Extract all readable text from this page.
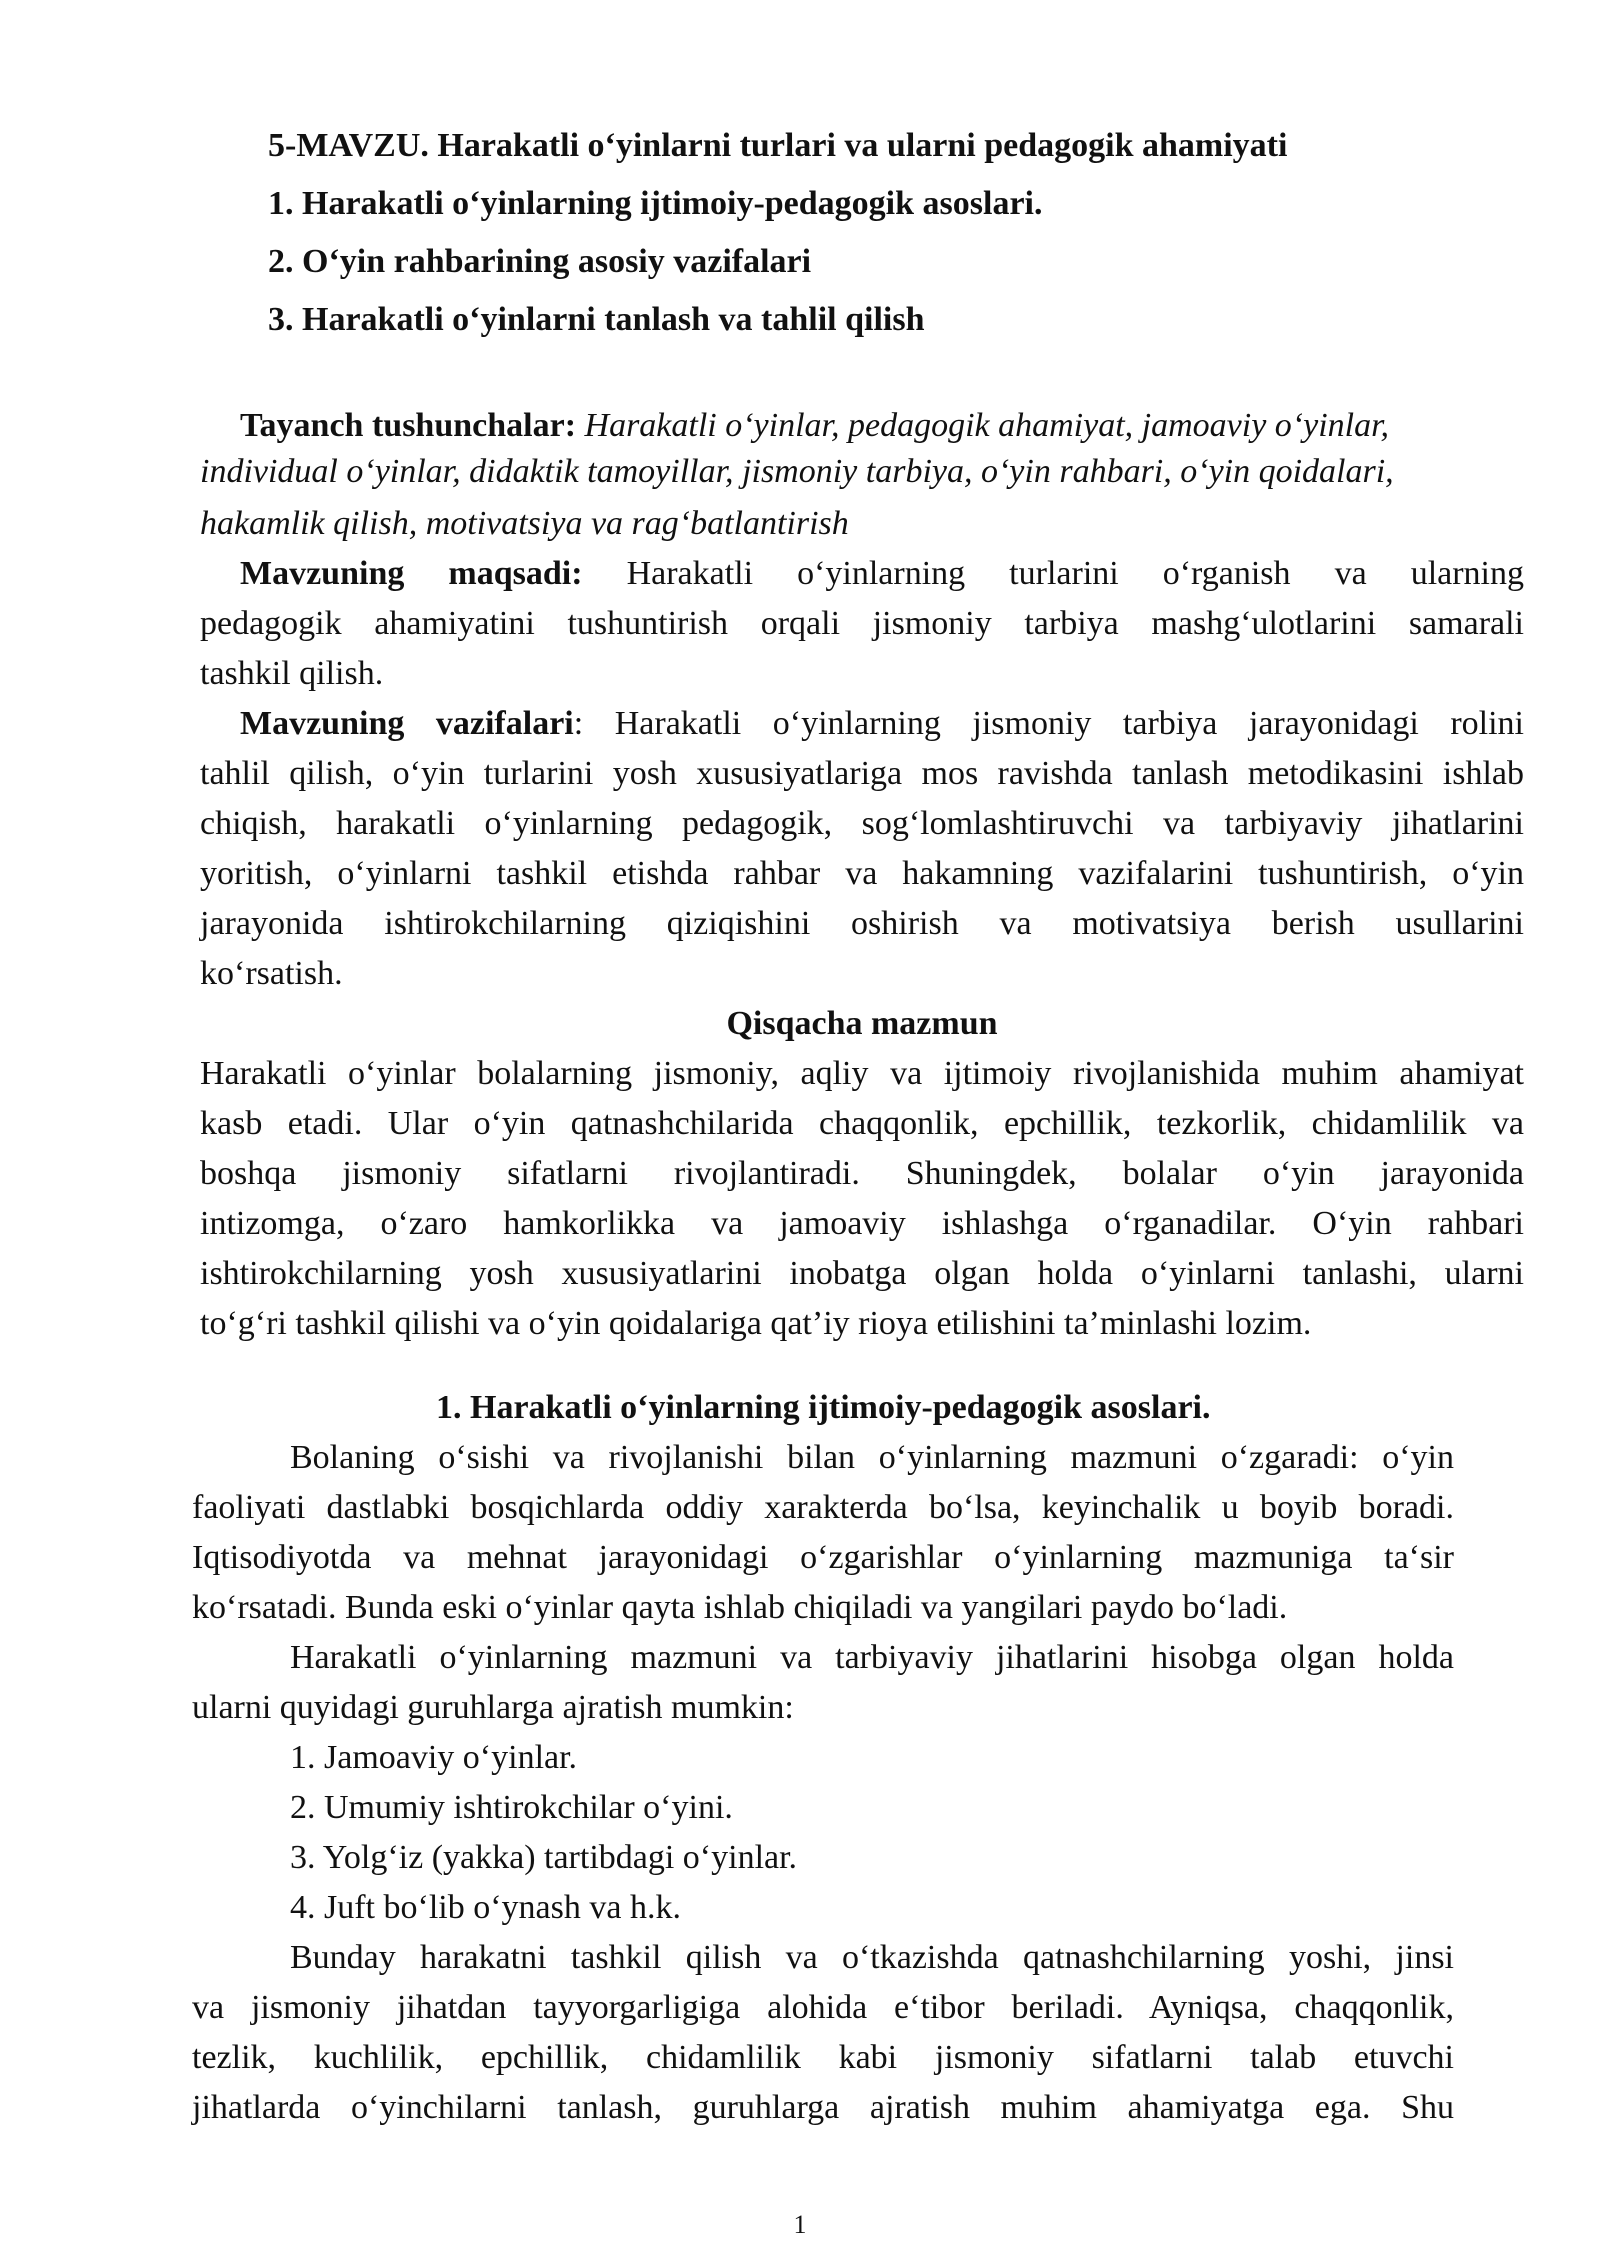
5-MAVZU. Harakatli o‘yinlarni turlari va ularni pedagogik ahamiyati
1. Harakatli o‘yinlarning ijtimoiy-pedagogik asoslari.
2. O‘yin rahbarining asosiy vazifalari
3. Harakatli o‘yinlarni tanlash va tahlil qilish
Tayanch tushunchalar: Harakatli o‘yinlar, pedagogik ahamiyat, jamoaviy o‘yinlar,
individual o‘yinlar, didaktik tamoyillar, jismoniy tarbiya, o‘yin rahbari, o‘yin qoidalari,
hakamlik qilish, motivatsiya va rag‘batlantirish
Mavzuning maqsadi: Harakatli o‘yinlarning turlarini o‘rganish va ularning
pedagogik ahamiyatini tushuntirish orqali jismoniy tarbiya mashg‘ulotlarini samarali
tashkil qilish.
Mavzuning vazifalari: Harakatli o‘yinlarning jismoniy tarbiya jarayonidagi rolini
tahlil qilish, o‘yin turlarini yosh xususiyatlariga mos ravishda tanlash metodikasini ishlab
chiqish, harakatli o‘yinlarning pedagogik, sog‘lomlashtiruvchi va tarbiyaviy jihatlarini
yoritish, o‘yinlarni tashkil etishda rahbar va hakamning vazifalarini tushuntirish, o‘yin
jarayonida ishtirokchilarning qiziqishini oshirish va motivatsiya berish usullarini
ko‘rsatish.
Qisqacha mazmun
Harakatli o‘yinlar bolalarning jismoniy, aqliy va ijtimoiy rivojlanishida muhim ahamiyat
kasb etadi. Ular o‘yin qatnashchilarida chaqqonlik, epchillik, tezkorlik, chidamlilik va
boshqa jismoniy sifatlarni rivojlantiradi. Shuningdek, bolalar o‘yin jarayonida
intizomga, o‘zaro hamkorlikka va jamoaviy ishlashga o‘rganadilar. O‘yin rahbari
ishtirokchilarning yosh xususiyatlarini inobatga olgan holda o‘yinlarni tanlashi, ularni
to‘g‘ri tashkil qilishi va o‘yin qoidalariga qat’iy rioya etilishini ta’minlashi lozim.
1. Harakatli o‘yinlarning ijtimoiy-pedagogik asoslari.
Bolaning o‘sishi va rivojlanishi bilan o‘yinlarning mazmuni o‘zgaradi: o‘yin
faoliyati dastlabki bosqichlarda oddiy xarakterda bo‘lsa, keyinchalik u boyib boradi.
Iqtisodiyotda va mehnat jarayonidagi o‘zgarishlar o‘yinlarning mazmuniga ta‘sir
ko‘rsatadi. Bunda eski o‘yinlar qayta ishlab chiqiladi va yangilari paydo bo‘ladi.
Harakatli o‘yinlarning mazmuni va tarbiyaviy jihatlarini hisobga olgan holda
ularni quyidagi guruhlarga ajratish mumkin:
1. Jamoaviy o‘yinlar.
2. Umumiy ishtirokchilar o‘yini.
3. Yolg‘iz (yakka) tartibdagi o‘yinlar.
4. Juft bo‘lib o‘ynash va h.k.
Bunday harakatni tashkil qilish va o‘tkazishda qatnashchilarning yoshi, jinsi
va jismoniy jihatdan tayyorgarligiga alohida e‘tibor beriladi. Ayniqsa, chaqqonlik,
tezlik, kuchlilik, epchillik, chidamlilik kabi jismoniy sifatlarni talab etuvchi
jihatlarda o‘yinchilarni tanlash, guruhlarga ajratish muhim ahamiyatga ega. Shu
1
